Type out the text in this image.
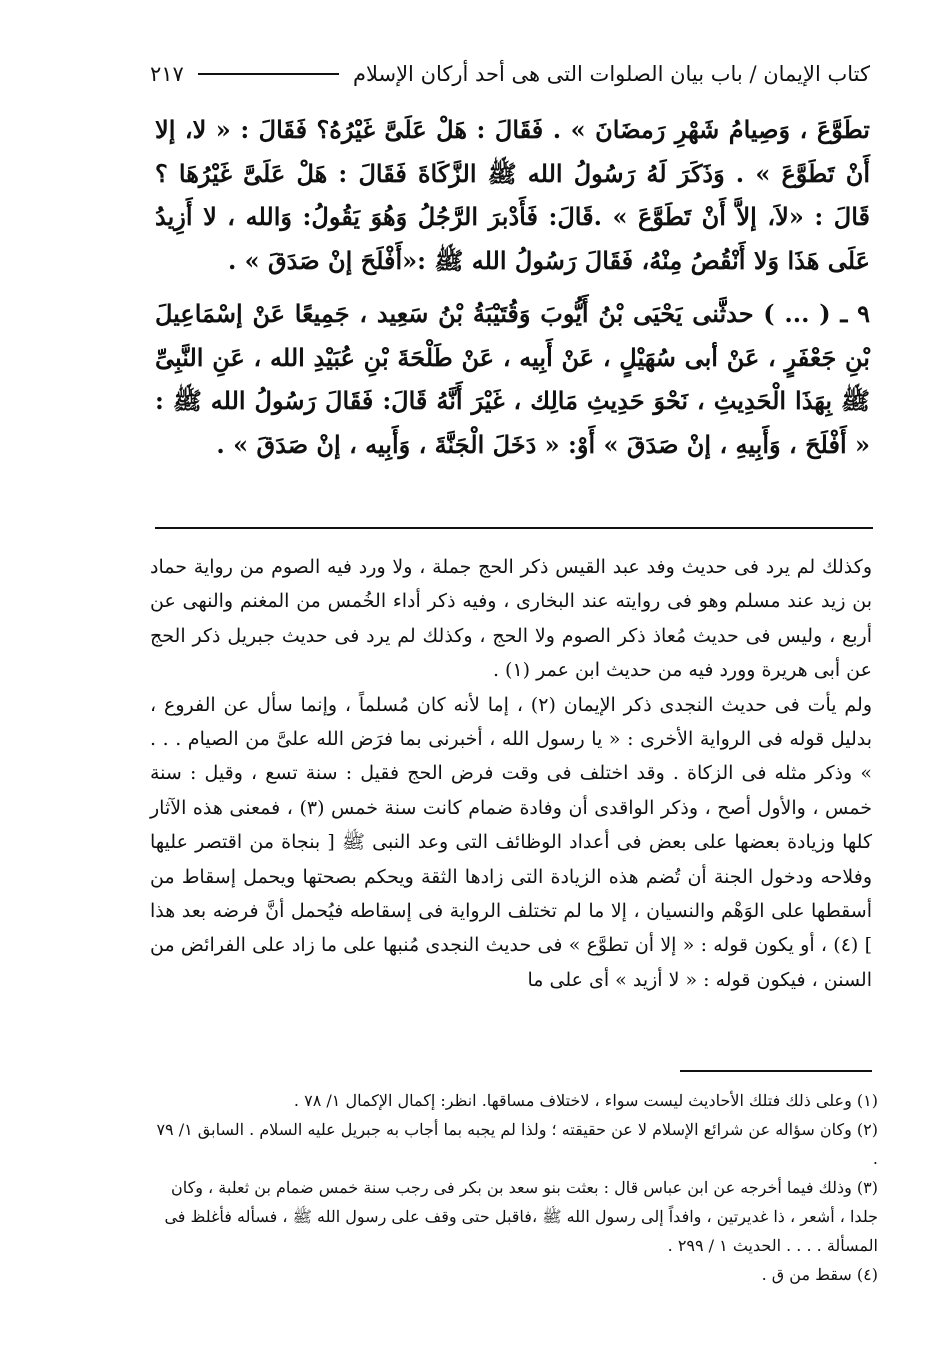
كتاب الإيمان / باب بيان الصلوات التى هى أحد أركان الإسلام
٢١٧

تطَوَّعَ ، وَصِيامُ شَهْرِ رَمضَانَ » . فَقَالَ : هَلْ عَلَىَّ غَيْرُهُ؟ فَقَالَ : « لا، إلا أَنْ تَطَوَّعَ » . وَذَكَرَ لَهُ رَسُولُ الله ﷺ الزَّكَاةَ فَقَالَ : هَلْ عَلَىَّ غَيْرُهَا ؟ قَالَ : «لاَ، إلاَّ أَنْ تَطَوَّعَ » .قَالَ: فَأَدْبرَ الرَّجُلُ وَهُوَ يَقُولُ: وَالله ، لا أَزِيدُ عَلَى هَذَا وَلا أَنْقُصُ مِنْهُ، فَقَالَ رَسُولُ الله ﷺ :«أَفْلَحَ إنْ صَدَقَ » .

٩ ـ ( ... ) حدثَّنى يَحْيَى بْنُ أَيُّوبَ وَقُتَيْبَةُ بْنُ سَعِيد ، جَمِيعًا عَنْ إسْمَاعِيلَ بْنِ جَعْفَرٍ ، عَنْ أبى سُهَيْلٍ ، عَنْ أَبِيه ، عَنْ طَلْحَةَ بْنِ عُبَيْدِ الله ، عَنِ النَّبِىِّ ﷺ بِهَذَا الْحَدِيثِ ، نَحْوَ حَدِيثِ مَالِك ، غَيْرَ أَنَّهُ قَالَ: فَقَالَ رَسُولُ الله ﷺ : « أَفْلَحَ ، وَأَبِيهِ ، إنْ صَدَقَ » أَوْ: « دَخَلَ الْجَنَّةَ ، وَأَبِيه ، إنْ صَدَقَ » .

وكذلك لم يرد فى حديث وفد عبد القيس ذكر الحج جملة ، ولا ورد فيه الصوم من رواية حماد بن زيد عند مسلم وهو فى روايته عند البخارى ، وفيه ذكر أداء الخُمس من المغنم والنهى عن أربع ، وليس فى حديث مُعاذ ذكر الصوم ولا الحج ، وكذلك لم يرد فى حديث جبريل ذكر الحج عن أبى هريرة وورد فيه من حديث ابن عمر (١) .

ولم يأت فى حديث النجدى ذكر الإيمان (٢) ، إما لأنه كان مُسلماً ، وإنما سأل عن الفروع ، بدليل قوله فى الرواية الأخرى : « يا رسول الله ، أخبرنى بما فرَض الله علىَّ من الصيام . . . » وذكر مثله فى الزكاة . وقد اختلف فى وقت فرض الحج فقيل : سنة تسع ، وقيل : سنة خمس ، والأول أصح ، وذكر الواقدى أن وفادة ضمام كانت سنة خمس (٣) ، فمعنى هذه الآثار كلها وزيادة بعضها على بعض فى أعداد الوظائف التى وعد النبى ﷺ [ بنجاة من اقتصر عليها وفلاحه ودخول الجنة أن تُضم هذه الزيادة التى زادها الثقة ويحكم بصحتها ويحمل إسقاط من أسقطها على الوَهْم والنسيان ، إلا ما لم تختلف الرواية فى إسقاطه فيُحمل أنَّ فرضه بعد هذا ] (٤) ، أو يكون قوله : « إلا أن تطوَّع » فى حديث النجدى مُنبها على ما زاد على الفرائض من السنن ، فيكون قوله : « لا أزيد » أى على ما

(١) وعلى ذلك فتلك الأحاديث ليست سواء ، لاختلاف مساقها. انظر: إكمال الإكمال ١/ ٧٨ .

(٢) وكان سؤاله عن شرائع الإسلام لا عن حقيقته ؛ ولذا لم يجبه بما أجاب به جبريل عليه السلام . السابق ١/ ٧٩ .

(٣) وذلك فيما أخرجه عن ابن عباس قال : بعثت بنو سعد بن بكر فى رجب سنة خمس ضمام بن ثعلبة ، وكان جلدا ، أشعر ، ذا غديرتين ، وافداً إلى رسول الله ﷺ ،فاقبل حتى وقف على رسول الله ﷺ ، فسأله فأغلظ فى المسألة . . . . الحديث ١ / ٢٩٩ .

(٤) سقط من ق .
